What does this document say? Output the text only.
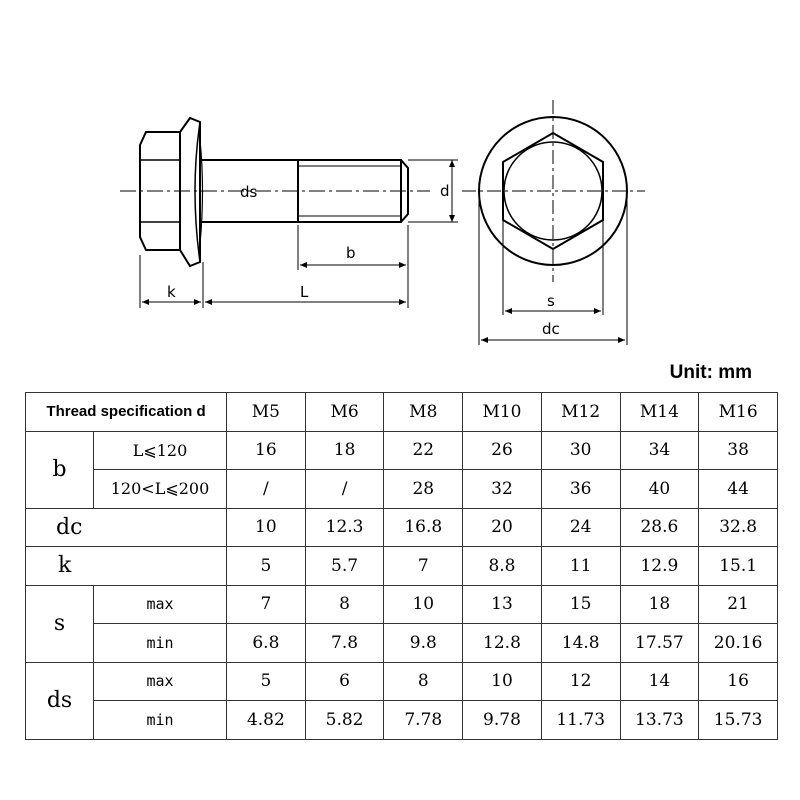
ds	d
b
k	L	s
dc
Unit: mm
Thread specification d		M5	M6	M8	M10	M12	M14	M16
b	L⩽120	16	18	22	26	30	34	38
	120<L⩽200	/	/	28	32	36	40	44
dc		10	12.3	16.8	20	24	28.6	32.8
k		5	5.7	7	8.8	11	12.9	15.1
s	max	7	8	10	13	15	18	21
	min	6.8	7.8	9.8	12.8	14.8	17.57	20.16
ds	max	5	6	8	10	12	14	16
	min	4.82	5.82	7.78	9.78	11.73	13.73	15.73
